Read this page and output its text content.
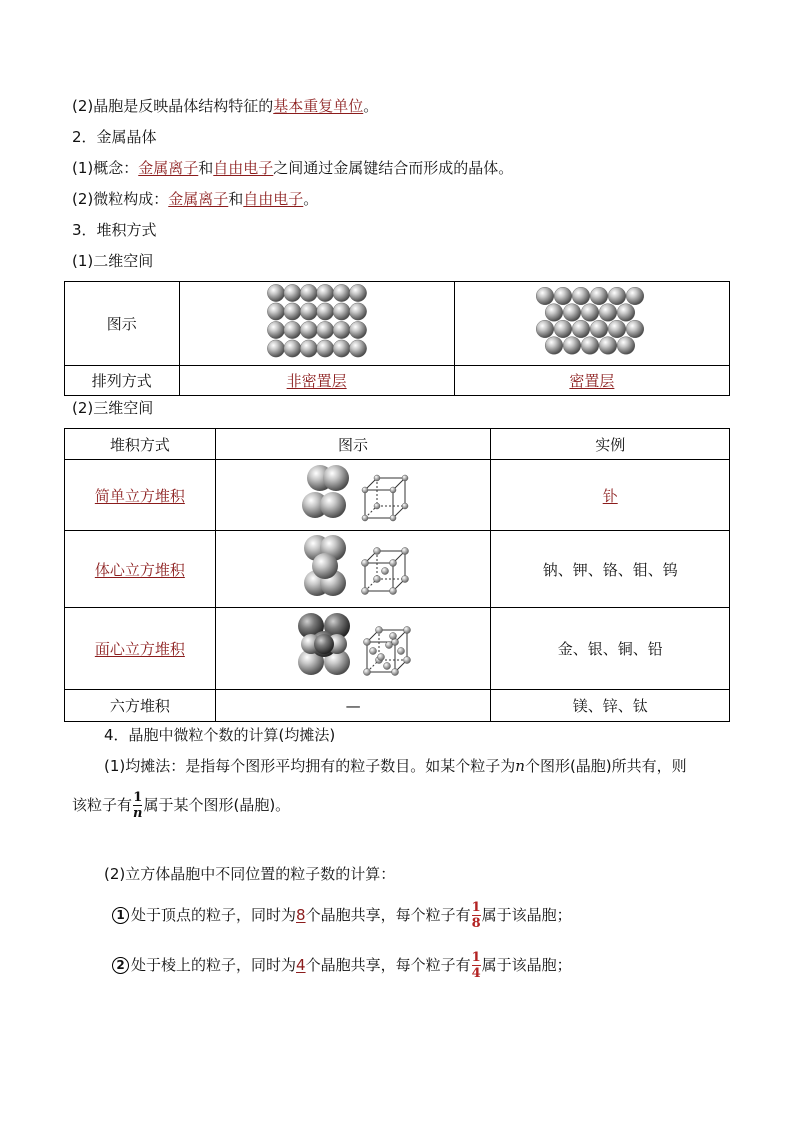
(2)晶胞是反映晶体结构特征的基本重复单位。
2．金属晶体
(1)概念：金属离子和自由电子之间通过金属键结合而形成的晶体。
(2)微粒构成：金属离子和自由电子。
3．堆积方式
(1)二维空间
图示		
排列方式	非密置层	密置层
(2)三维空间
堆积方式	图示	实例
简单立方堆积		钋
体心立方堆积		钠、钾、铬、钼、钨
面心立方堆积		金、银、铜、铅
六方堆积	—	镁、锌、钛
4．晶胞中微粒个数的计算(均摊法)
(1)均摊法：是指每个图形平均拥有的粒子数目。如某个粒子为n个图形(晶胞)所共有，则
该粒子有 $\frac{1}{n}$ 属于某个图形(晶胞)。
(2)立方体晶胞中不同位置的粒子数的计算：
1 处于顶点的粒子，同时为8个晶胞共享，每个粒子有 $\frac{1}{8}$ 属于该晶胞；
2 处于棱上的粒子，同时为4个晶胞共享，每个粒子有 $\frac{1}{4}$ 属于该晶胞；
